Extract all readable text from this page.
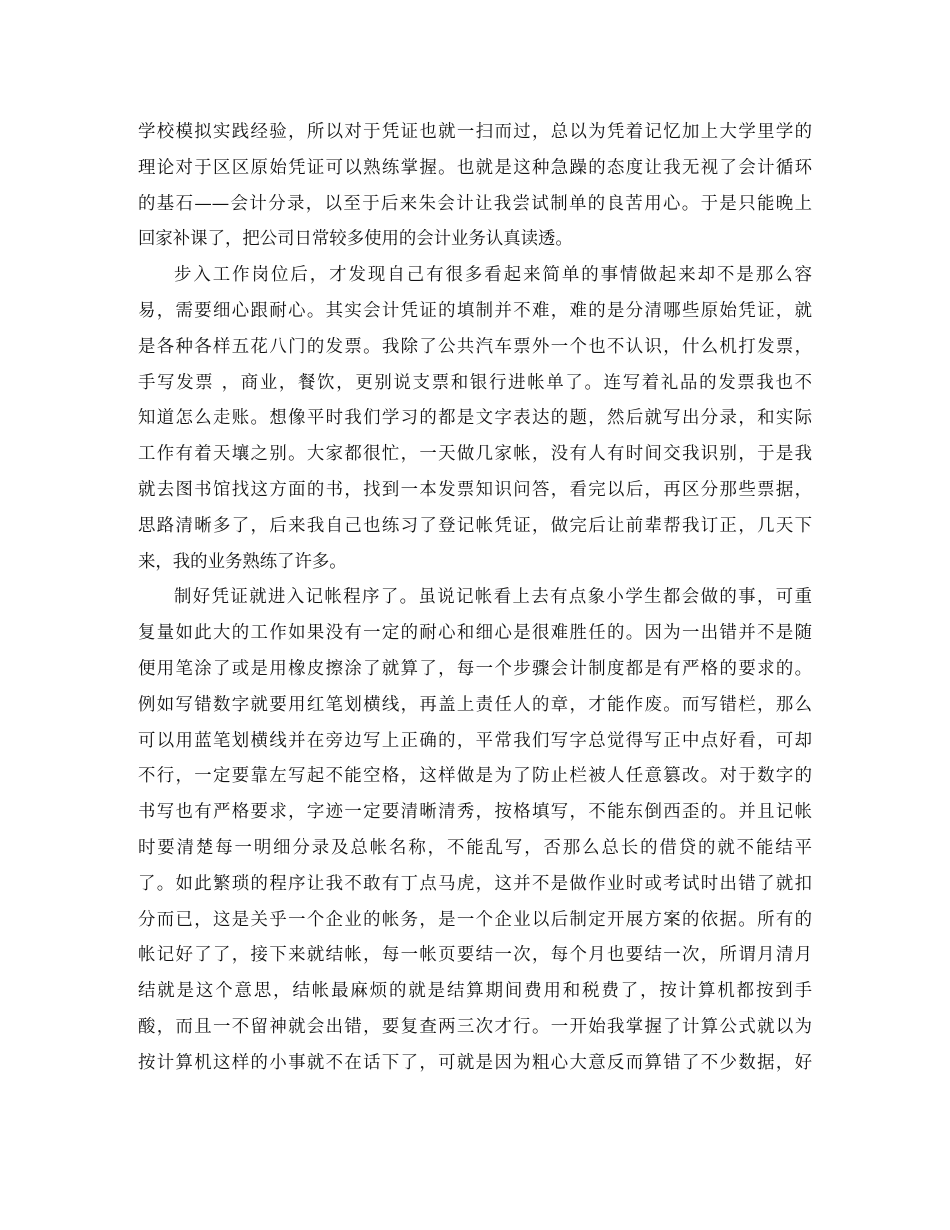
学校模拟实践经验，所以对于凭证也就一扫而过，总以为凭着记忆加上大学里学的
理论对于区区原始凭证可以熟练掌握。也就是这种急躁的态度让我无视了会计循环
的基石——会计分录，以至于后来朱会计让我尝试制单的良苦用心。于是只能晚上
回家补课了，把公司日常较多使用的会计业务认真读透。
步入工作岗位后，才发现自己有很多看起来简单的事情做起来却不是那么容
易，需要细心跟耐心。其实会计凭证的填制并不难，难的是分清哪些原始凭证，就
是各种各样五花八门的发票。我除了公共汽车票外一个也不认识，什么机打发票，
手写发票 ，商业，餐饮，更别说支票和银行进帐单了。连写着礼品的发票我也不
知道怎么走账。想像平时我们学习的都是文字表达的题，然后就写出分录，和实际
工作有着天壤之别。大家都很忙，一天做几家帐，没有人有时间交我识别，于是我
就去图书馆找这方面的书，找到一本发票知识问答，看完以后，再区分那些票据，
思路清晰多了，后来我自己也练习了登记帐凭证，做完后让前辈帮我订正，几天下
来，我的业务熟练了许多。
制好凭证就进入记帐程序了。虽说记帐看上去有点象小学生都会做的事，可重
复量如此大的工作如果没有一定的耐心和细心是很难胜任的。因为一出错并不是随
便用笔涂了或是用橡皮擦涂了就算了，每一个步骤会计制度都是有严格的要求的。
例如写错数字就要用红笔划横线，再盖上责任人的章，才能作废。而写错栏，那么
可以用蓝笔划横线并在旁边写上正确的，平常我们写字总觉得写正中点好看，可却
不行，一定要靠左写起不能空格，这样做是为了防止栏被人任意篡改。对于数字的
书写也有严格要求，字迹一定要清晰清秀，按格填写，不能东倒西歪的。并且记帐
时要清楚每一明细分录及总帐名称，不能乱写，否那么总长的借贷的就不能结平
了。如此繁琐的程序让我不敢有丁点马虎，这并不是做作业时或考试时出错了就扣
分而已，这是关乎一个企业的帐务，是一个企业以后制定开展方案的依据。所有的
帐记好了了，接下来就结帐，每一帐页要结一次，每个月也要结一次，所谓月清月
结就是这个意思，结帐最麻烦的就是结算期间费用和税费了，按计算机都按到手
酸，而且一不留神就会出错，要复查两三次才行。一开始我掌握了计算公式就以为
按计算机这样的小事就不在话下了，可就是因为粗心大意反而算错了不少数据，好
